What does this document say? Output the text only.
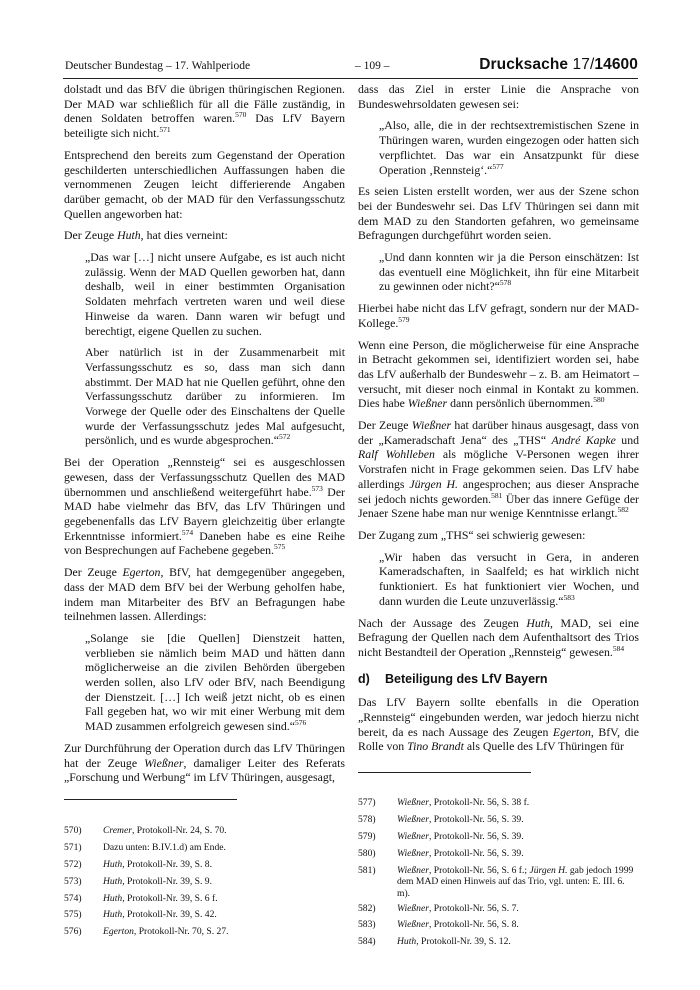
Deutscher Bundestag – 17. Wahlperiode	– 109 –	Drucksache 17/14600

dolstadt und das BfV die übrigen thüringischen Regionen. Der MAD war schließlich für all die Fälle zuständig, in denen Soldaten betroffen waren.$^{570}$ Das LfV Bayern beteiligte sich nicht.$^{571}$

Entsprechend den bereits zum Gegenstand der Operation geschilderten unterschiedlichen Auffassungen haben die vernommenen Zeugen leicht differierende Angaben darüber gemacht, ob der MAD für den Verfassungsschutz Quellen angeworben hat:

Der Zeuge Huth, hat dies verneint:

„Das war […] nicht unsere Aufgabe, es ist auch nicht zulässig. Wenn der MAD Quellen geworben hat, dann deshalb, weil in einer bestimmten Organisation Soldaten mehrfach vertreten waren und weil diese Hinweise da waren. Dann waren wir befugt und berechtigt, eigene Quellen zu suchen.

Aber natürlich ist in der Zusammenarbeit mit Verfassungsschutz es so, dass man sich dann abstimmt. Der MAD hat nie Quellen geführt, ohne den Verfassungsschutz darüber zu informieren. Im Vorwege der Quelle oder des Einschaltens der Quelle wurde der Verfassungsschutz jedes Mal aufgesucht, persönlich, und es wurde abgesprochen.“$^{572}$

Bei der Operation „Rennsteig“ sei es ausgeschlossen gewesen, dass der Verfassungsschutz Quellen des MAD übernommen und anschließend weitergeführt habe.$^{573}$ Der MAD habe vielmehr das BfV, das LfV Thüringen und gegebenenfalls das LfV Bayern gleichzeitig über erlangte Erkenntnisse informiert.$^{574}$ Daneben habe es eine Reihe von Besprechungen auf Fachebene gegeben.$^{575}$

Der Zeuge Egerton, BfV, hat demgegenüber angegeben, dass der MAD dem BfV bei der Werbung geholfen habe, indem man Mitarbeiter des BfV an Befragungen habe teilnehmen lassen. Allerdings:

„Solange sie [die Quellen] Dienstzeit hatten, verblieben sie nämlich beim MAD und hätten dann möglicherweise an die zivilen Behörden übergeben werden sollen, also LfV oder BfV, nach Beendigung der Dienstzeit. […] Ich weiß jetzt nicht, ob es einen Fall gegeben hat, wo wir mit einer Werbung mit dem MAD zusammen erfolgreich gewesen sind.“$^{576}$

Zur Durchführung der Operation durch das LfV Thüringen hat der Zeuge Wießner, damaliger Leiter des Referats „Forschung und Werbung“ im LfV Thüringen, ausgesagt,

dass das Ziel in erster Linie die Ansprache von Bundeswehrsoldaten gewesen sei:

„Also, alle, die in der rechtsextremistischen Szene in Thüringen waren, wurden eingezogen oder hatten sich verpflichtet. Das war ein Ansatzpunkt für diese Operation ‚Rennsteig‘.“$^{577}$

Es seien Listen erstellt worden, wer aus der Szene schon bei der Bundeswehr sei. Das LfV Thüringen sei dann mit dem MAD zu den Standorten gefahren, wo gemeinsame Befragungen durchgeführt worden seien.

„Und dann konnten wir ja die Person einschätzen: Ist das eventuell eine Möglichkeit, ihn für eine Mitarbeit zu gewinnen oder nicht?“$^{578}$

Hierbei habe nicht das LfV gefragt, sondern nur der MAD-Kollege.$^{579}$

Wenn eine Person, die möglicherweise für eine Ansprache in Betracht gekommen sei, identifiziert worden sei, habe das LfV außerhalb der Bundeswehr – z. B. am Heimatort – versucht, mit dieser noch einmal in Kontakt zu kommen. Dies habe Wießner dann persönlich übernommen.$^{580}$

Der Zeuge Wießner hat darüber hinaus ausgesagt, dass von der „Kameradschaft Jena“ des „THS“ André Kapke und Ralf Wohlleben als mögliche V-Personen wegen ihrer Vorstrafen nicht in Frage gekommen seien. Das LfV habe allerdings Jürgen H. angesprochen; aus dieser Ansprache sei jedoch nichts geworden.$^{581}$ Über das innere Gefüge der Jenaer Szene habe man nur wenige Kenntnisse erlangt.$^{582}$

Der Zugang zum „THS“ sei schwierig gewesen:

„Wir haben das versucht in Gera, in anderen Kameradschaften, in Saalfeld; es hat wirklich nicht funktioniert. Es hat funktioniert vier Wochen, und dann wurden die Leute unzuverlässig.“$^{583}$

Nach der Aussage des Zeugen Huth, MAD, sei eine Befragung der Quellen nach dem Aufenthaltsort des Trios nicht Bestandteil der Operation „Rennsteig“ gewesen.$^{584}$

d) Beteiligung des LfV Bayern

Das LfV Bayern sollte ebenfalls in die Operation „Rennsteig“ eingebunden werden, war jedoch hierzu nicht bereit, da es nach Aussage des Zeugen Egerton, BfV, die Rolle von Tino Brandt als Quelle des LfV Thüringen für

570)	Cremer, Protokoll-Nr. 24, S. 70.
571)	Dazu unten: B.IV.1.d) am Ende.
572)	Huth, Protokoll-Nr. 39, S. 8.
573)	Huth, Protokoll-Nr. 39, S. 9.
574)	Huth, Protokoll-Nr. 39, S. 6 f.
575)	Huth, Protokoll-Nr. 39, S. 42.
576)	Egerton, Protokoll-Nr. 70, S. 27.
577)	Wießner, Protokoll-Nr. 56, S. 38 f.
578)	Wießner, Protokoll-Nr. 56, S. 39.
579)	Wießner, Protokoll-Nr. 56, S. 39.
580)	Wießner, Protokoll-Nr. 56, S. 39.
581)	Wießner, Protokoll-Nr. 56, S. 6 f.; Jürgen H. gab jedoch 1999 dem MAD einen Hinweis auf das Trio, vgl. unten: E. III. 6. m).
582)	Wießner, Protokoll-Nr. 56, S. 7.
583)	Wießner, Protokoll-Nr. 56, S. 8.
584)	Huth, Protokoll-Nr. 39, S. 12.
